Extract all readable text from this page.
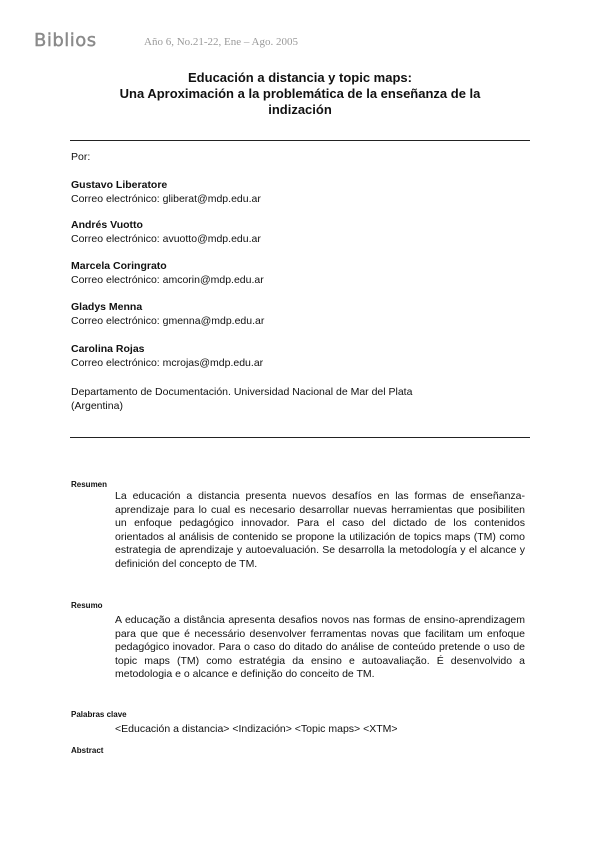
Biblios	Año 6, No.21-22, Ene – Ago. 2005
Educación a distancia y topic maps:
Una Aproximación a la problemática de la enseñanza de la
indización
Por:
Gustavo Liberatore
Correo electrónico: gliberat@mdp.edu.ar
Andrés Vuotto
Correo electrónico: avuotto@mdp.edu.ar
Marcela Coringrato
Correo electrónico: amcorin@mdp.edu.ar
Gladys Menna
Correo electrónico: gmenna@mdp.edu.ar
Carolina Rojas
Correo electrónico: mcrojas@mdp.edu.ar
Departamento de Documentación. Universidad Nacional de Mar del Plata
(Argentina)
Resumen
La educación a distancia presenta nuevos desafíos en las formas de enseñanza-aprendizaje para lo cual es necesario desarrollar nuevas herramientas que posibiliten un enfoque pedagógico innovador. Para el caso del dictado de los contenidos orientados al análisis de contenido se propone la utilización de topics maps (TM) como estrategia de aprendizaje y autoevaluación. Se desarrolla la metodología y el alcance y definición del concepto de TM.
Resumo
A educação a distância apresenta desafios novos nas formas de ensino-aprendizagem para que que é necessário desenvolver ferramentas novas que facilitam um enfoque pedagógico inovador. Para o caso do ditado do análise de conteúdo pretende o uso de topic maps (TM) como estratégia da ensino e autoavaliação. É desenvolvido a metodologia e o alcance e definição do conceito de TM.
Palabras clave
<Educación a distancia> <Indización> <Topic maps> <XTM>
Abstract
